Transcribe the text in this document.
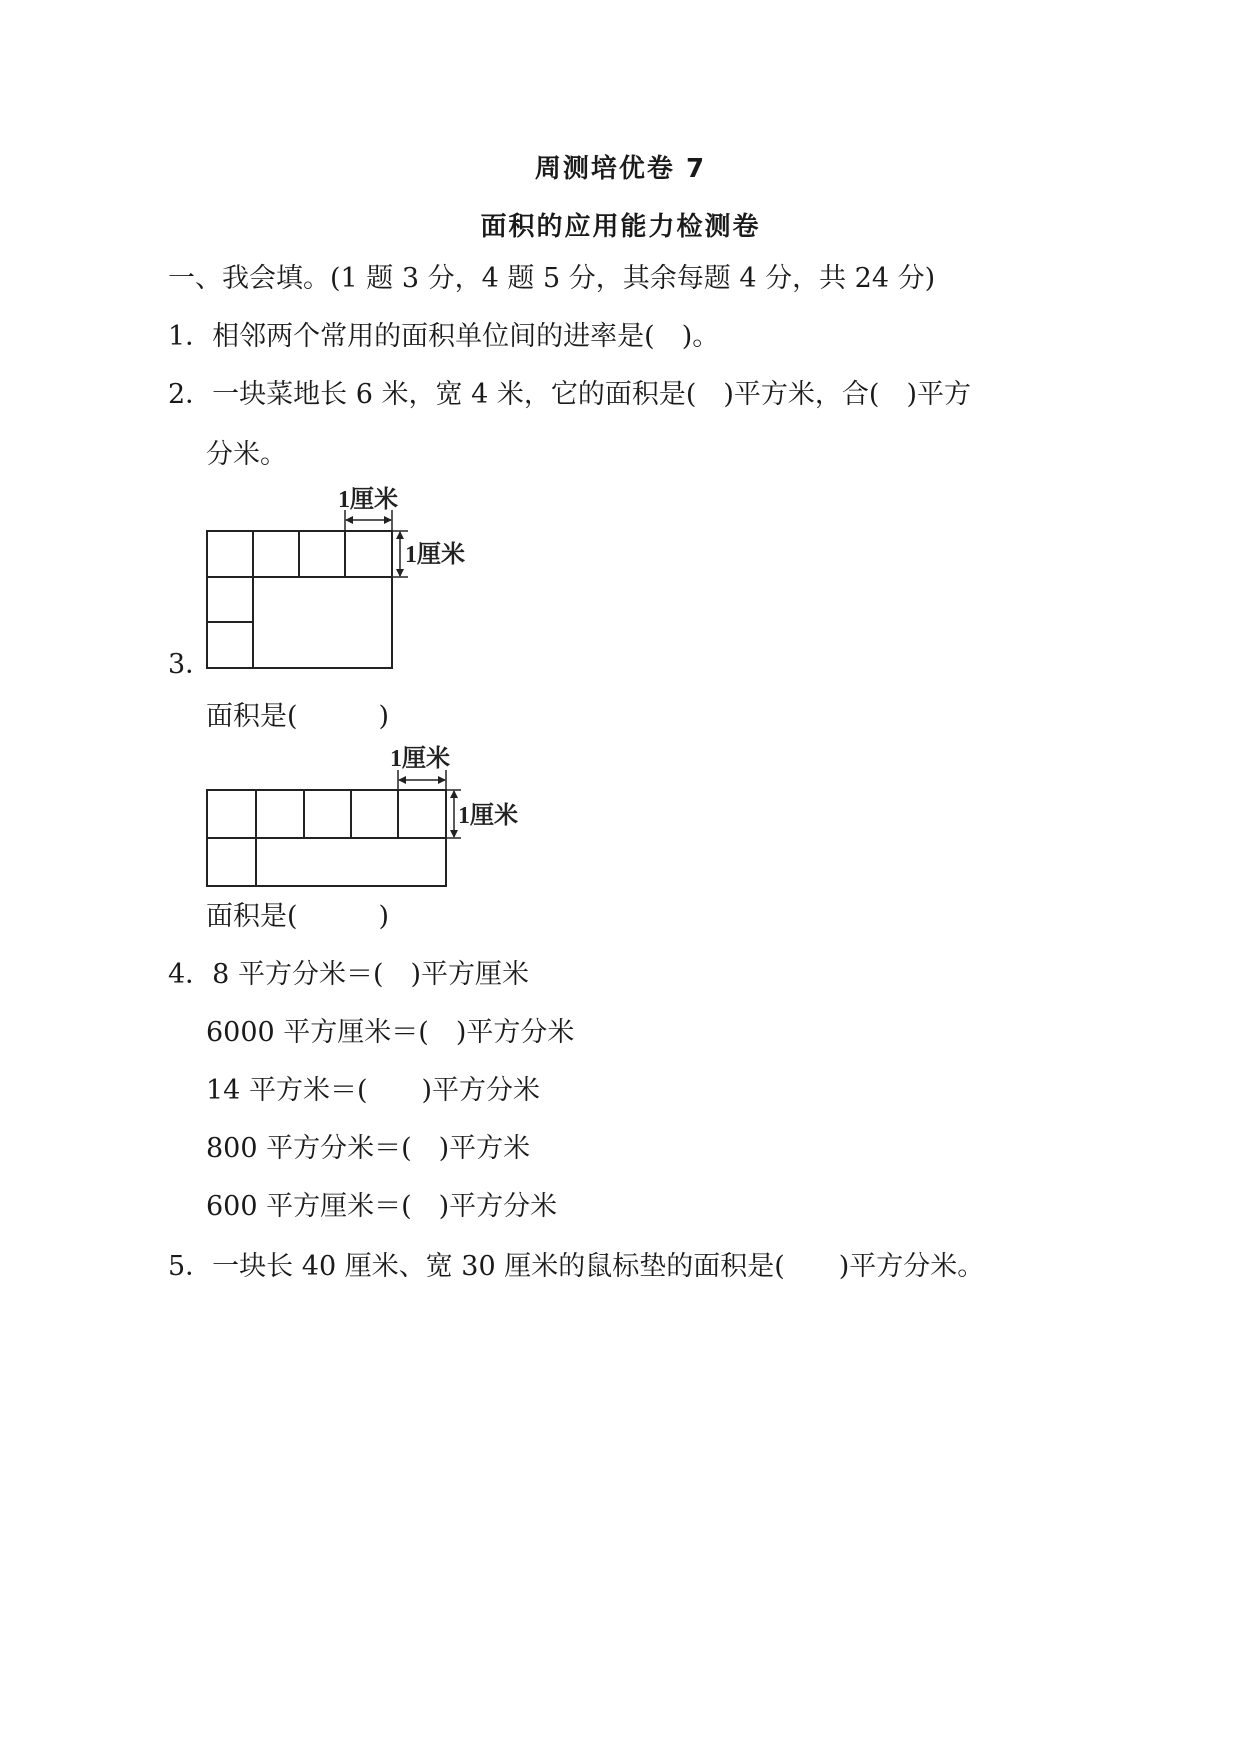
周测培优卷 7
面积的应用能力检测卷
一、我会填。(1 题 3 分，4 题 5 分，其余每题 4 分，共 24 分)
1．相邻两个常用的面积单位间的进率是(　)。
2．一块菜地长 6 米，宽 4 米，它的面积是(　)平方米，合(　)平方
分米。
3．
面积是(　　　)
面积是(　　　)
4．8 平方分米＝(　)平方厘米
6000 平方厘米＝(　)平方分米
14 平方米＝(　　)平方分米
800 平方分米＝(　)平方米
600 平方厘米＝(　)平方分米
5．一块长 40 厘米、宽 30 厘米的鼠标垫的面积是(　　)平方分米。
1厘米
1厘米
1厘米
1厘米
